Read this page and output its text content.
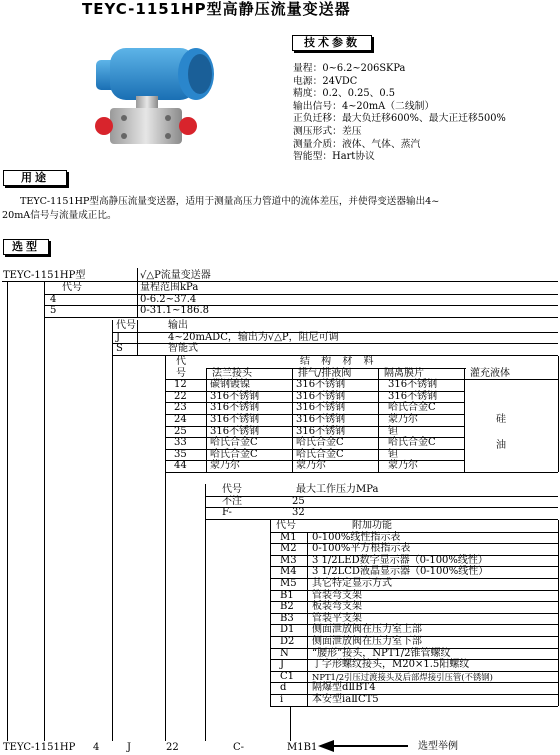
TEYC-1151HP型高静压流量变送器
技术参数
量程：0~6.2~206SKPa
电源：24VDC
精度：0.2、0.25、0.5
输出信号：4~20mA（二线制）
正负迁移：最大负迁移600%、最大正迁移500%
测压形式：差压
测量介质：液体、气体、蒸汽
智能型：Hart协议
用途
TEYC-1151HP型高静压流量变送器，适用于测量高压力管道中的流体差压，并使得变送器输出4~
20mA信号与流量成正比。
选型
TEYC-1151HP型	√△P流量变送器
代号	量程范围kPa
4	0-6.2~37.4
5	0-31.1~186.8
代号	输出
J	4~20mADC，输出为√△P，阻尼可调
S	智能式
代
号
结 构 材 料
法兰接头	排气/排液阀	隔离膜片	灌充液体
12 碳钢镀镍	316不锈钢	316不锈钢
22 316不锈钢	316不锈钢	316不锈钢
23 316不锈钢	316不锈钢	哈氏合金C
24 316不锈钢	316不锈钢	蒙乃尔
25 316不锈钢	316不锈钢	钽
33 哈氏合金C	哈氏合金C	哈氏合金C
35 哈氏合金C	哈氏合金C	钽
44 蒙乃尔	蒙乃尔	蒙乃尔
硅
油
代号	最大工作压力MPa
不注	25
F-	32
代号	附加功能
M1 0-100%线性指示表
M2 0-100%平方根指示表
M3 3 1/2LED数字显示器（0-100%线性）
M4 3 1/2LCD液晶显示器（0-100%线性）
M5 其它特定显示方式
B1 管装弯支架
B2 板装弯支架
B3 管装平支架
D1 侧面泄放阀在压力室上部
D2 侧面泄放阀在压力室下部
N “腰形”接头，NPT1/2锥管螺纹
J	丁字形螺纹接头，M20×1.5阳螺纹
C1 NPT1/2引压过渡接头及后部焊接引压管(不锈钢)
d	隔爆型dⅡBT4
i	本安型iaⅡCT5
TEYC-1151HP 4	J	22	C-	M1B1	选型举例
